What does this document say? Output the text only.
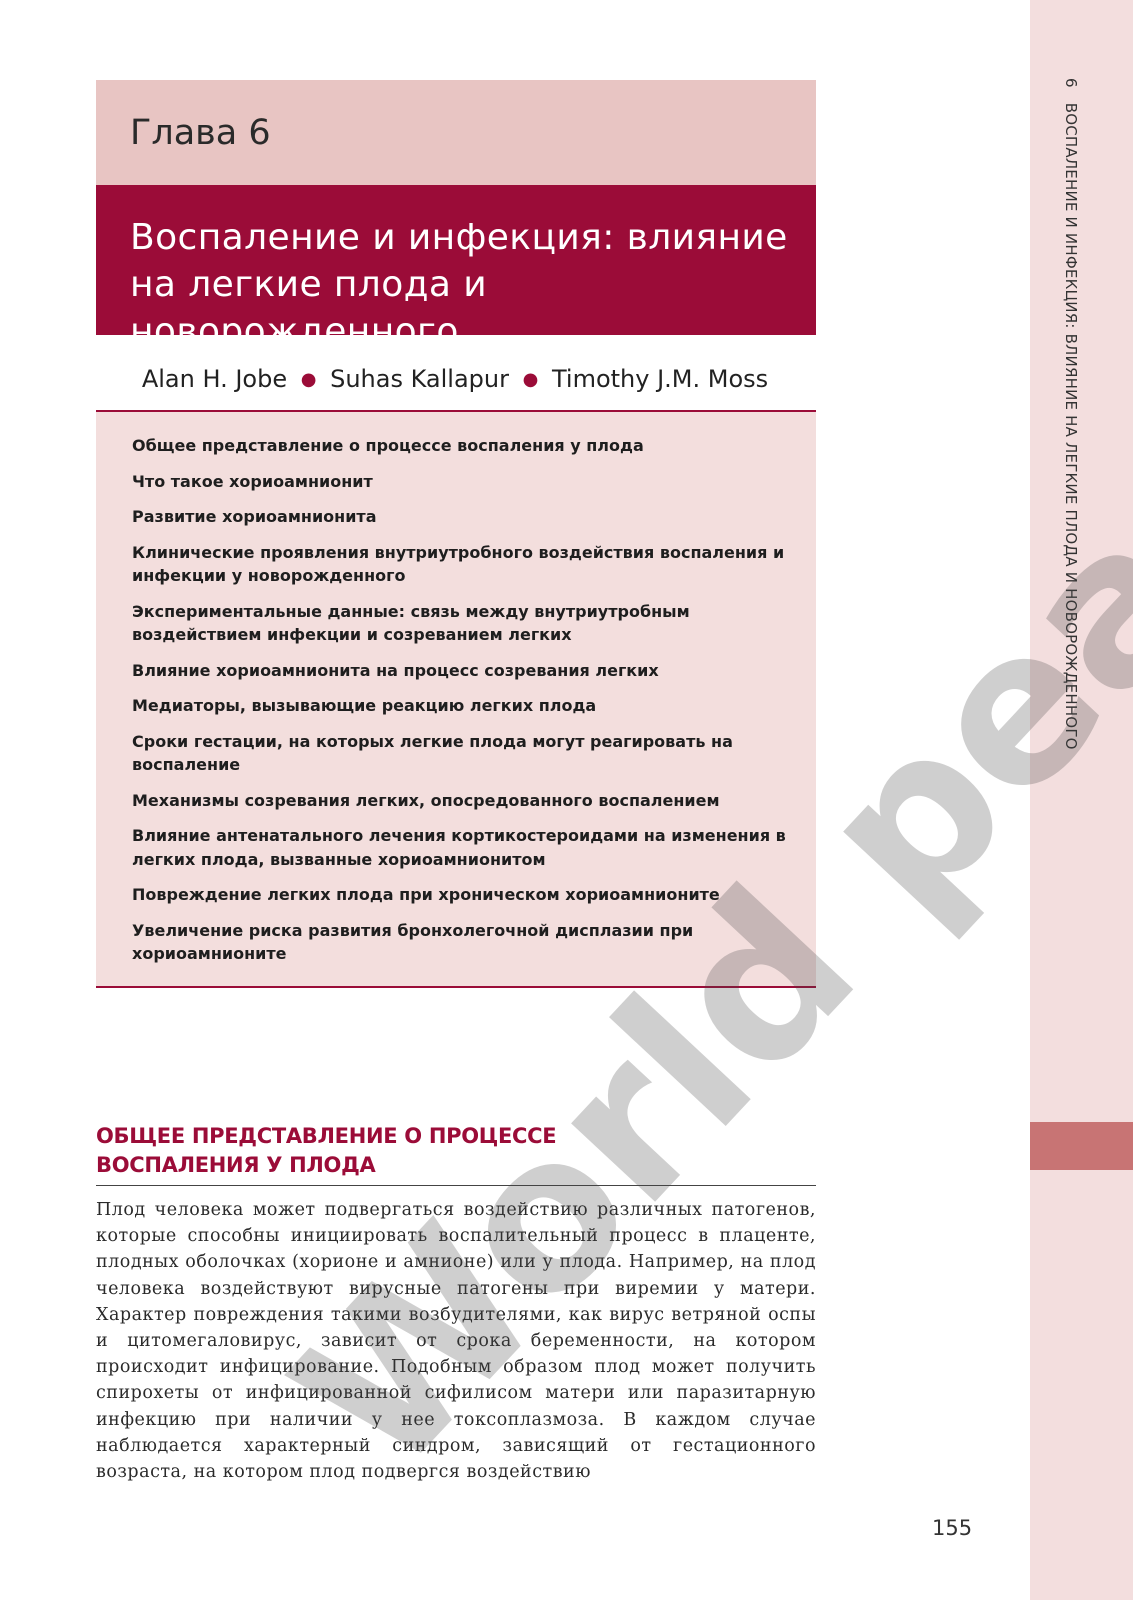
6 ВОСПАЛЕНИЕ И ИНФЕКЦИЯ: ВЛИЯНИЕ НА ЛЕГКИЕ ПЛОДА И НОВОРОЖДЕННОГО
Глава 6
Воспаление и инфекция: влияние
на легкие плода и новорожденного
Alan H. Jobe ● Suhas Kallapur ● Timothy J.M. Moss
Общее представление о процессе воспаления у плода
Что такое хориоамнионит
Развитие хориоамнионита
Клинические проявления внутриутробного воздействия воспаления и инфекции у новорожденного
Экспериментальные данные: связь между внутриутробным воздействием инфекции и созреванием легких
Влияние хориоамнионита на процесс созревания легких
Медиаторы, вызывающие реакцию легких плода
Сроки гестации, на которых легкие плода могут реагировать на воспаление
Механизмы созревания легких, опосредованного воспалением
Влияние антенатального лечения кортикостероидами на изменения в легких плода, вызванные хориоамнионитом
Повреждение легких плода при хроническом хориоамнионите
Увеличение риска развития бронхолегочной дисплазии при хориоамнионите
ОБЩЕЕ ПРЕДСТАВЛЕНИЕ О ПРОЦЕССЕ
ВОСПАЛЕНИЯ У ПЛОДА

Плод человека может подвергаться воздействию различных патогенов, которые способны инициировать воспалительный процесс в плаценте, плодных оболочках (хорионе и амнионе) или у плода. Например, на плод человека воздействуют вирусные патогены при виремии у матери. Характер повреждения такими возбудителями, как вирус ветряной оспы и цитомегаловирус, зависит от срока беременности, на котором происходит инфицирование. Подобным образом плод может получить спирохеты от инфицированной сифилисом матери или паразитарную инфекцию при наличии у нее токсоплазмоза. В каждом случае наблюдается характерный синдром, зависящий от гестационного возраста, на котором плод подвергся воздействию

155
World peace!
